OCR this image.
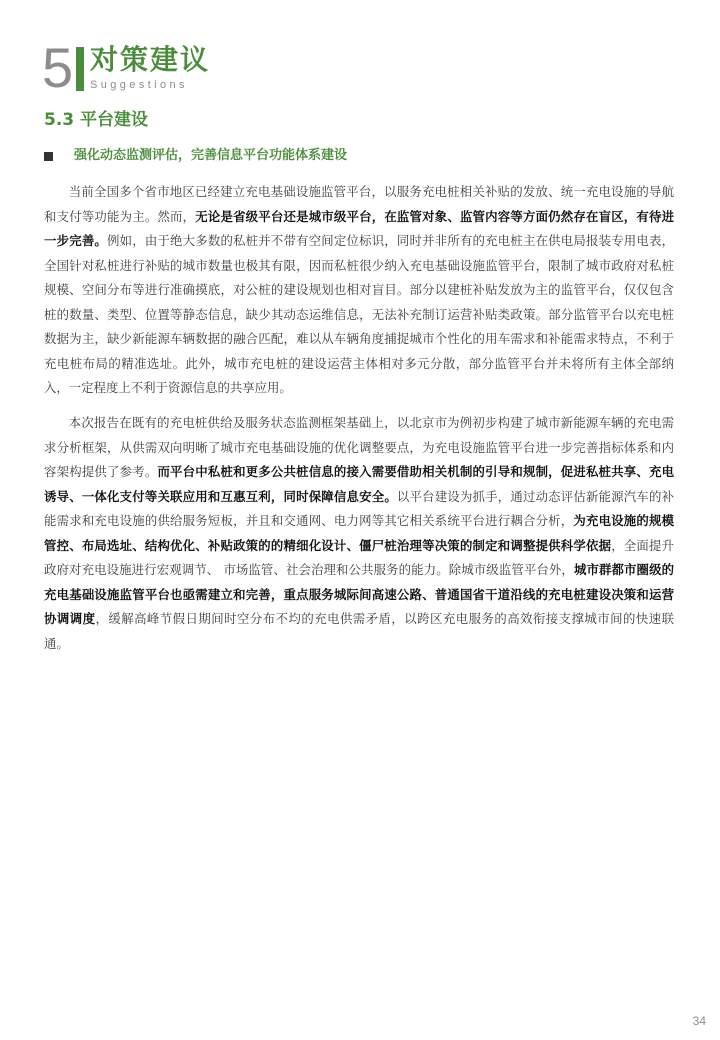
5 对策建议
Suggestions
5.3 平台建设
强化动态监测评估，完善信息平台功能体系建设

当前全国多个省市地区已经建立充电基础设施监管平台，以服务充电桩相关补贴的发放、统一充电设施的导航和支付等功能为主。然而，无论是省级平台还是城市级平台，在监管对象、监管内容等方面仍然存在盲区，有待进一步完善。例如，由于绝大多数的私桩并不带有空间定位标识，同时并非所有的充电桩主在供电局报装专用电表，全国针对私桩进行补贴的城市数量也极其有限，因而私桩很少纳入充电基础设施监管平台，限制了城市政府对私桩规模、空间分布等进行准确摸底，对公桩的建设规划也相对盲目。部分以建桩补贴发放为主的监管平台，仅仅包含桩的数量、类型、位置等静态信息，缺少其动态运维信息，无法补充制订运营补贴类政策。部分监管平台以充电桩数据为主，缺少新能源车辆数据的融合匹配，难以从车辆角度捕捉城市个性化的用车需求和补能需求特点，不利于充电桩布局的精准选址。此外，城市充电桩的建设运营主体相对多元分散，部分监管平台并未将所有主体全部纳入，一定程度上不利于资源信息的共享应用。

本次报告在既有的充电桩供给及服务状态监测框架基础上，以北京市为例初步构建了城市新能源车辆的充电需求分析框架，从供需双向明晰了城市充电基础设施的优化调整要点，为充电设施监管平台进一步完善指标体系和内容架构提供了参考。而平台中私桩和更多公共桩信息的接入需要借助相关机制的引导和规制，促进私桩共享、充电诱导、一体化支付等关联应用和互惠互利，同时保障信息安全。以平台建设为抓手，通过动态评估新能源汽车的补能需求和充电设施的供给服务短板，并且和交通网、电力网等其它相关系统平台进行耦合分析，为充电设施的规模管控、布局选址、结构优化、补贴政策的的精细化设计、僵尸桩治理等决策的制定和调整提供科学依据，全面提升政府对充电设施进行宏观调节、 市场监管、社会治理和公共服务的能力。除城市级监管平台外，城市群都市圈级的充电基础设施监管平台也亟需建立和完善，重点服务城际间高速公路、普通国省干道沿线的充电桩建设决策和运营协调调度，缓解高峰节假日期间时空分布不均的充电供需矛盾，以跨区充电服务的高效衔接支撑城市间的快速联通。

34
